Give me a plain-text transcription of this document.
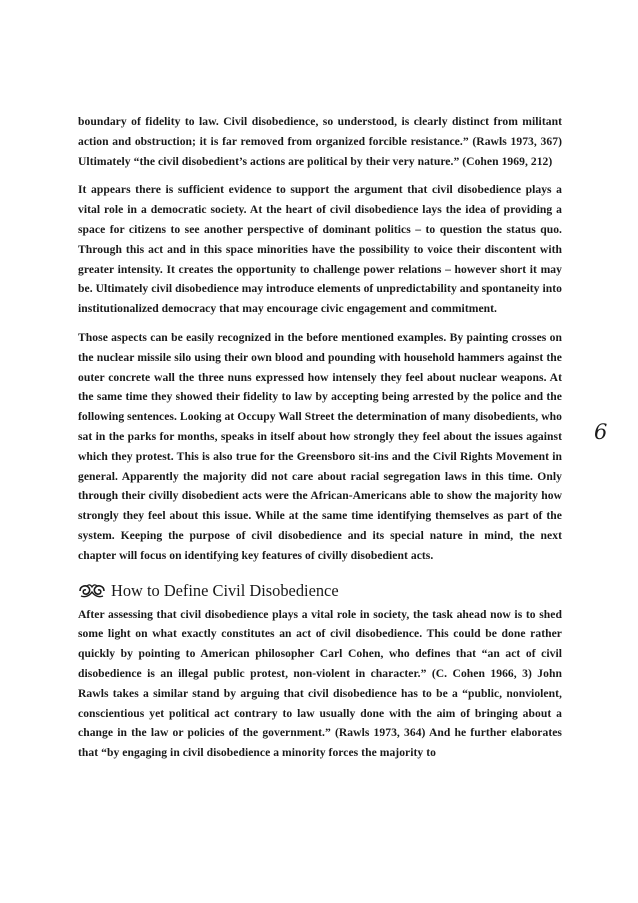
boundary of fidelity to law. Civil disobedience, so understood, is clearly distinct from militant action and obstruction; it is far removed from organized forcible resistance.” (Rawls 1973, 367) Ultimately “the civil disobedient’s actions are political by their very nature.” (Cohen 1969, 212)

It appears there is sufficient evidence to support the argument that civil disobedience plays a vital role in a democratic society. At the heart of civil disobedience lays the idea of providing a space for citizens to see another perspective of dominant politics – to question the status quo. Through this act and in this space minorities have the possibility to voice their discontent with greater intensity. It creates the opportunity to challenge power relations – however short it may be. Ultimately civil disobedience may introduce elements of unpredictability and spontaneity into institutionalized democracy that may encourage civic engagement and commitment.

Those aspects can be easily recognized in the before mentioned examples. By painting crosses on the nuclear missile silo using their own blood and pounding with household hammers against the outer concrete wall the three nuns expressed how intensely they feel about nuclear weapons. At the same time they showed their fidelity to law by accepting being arrested by the police and the following sentences. Looking at Occupy Wall Street the determination of many disobedients, who sat in the parks for months, speaks in itself about how strongly they feel about the issues against which they protest. This is also true for the Greensboro sit-ins and the Civil Rights Movement in general. Apparently the majority did not care about racial segregation laws in this time. Only through their civilly disobedient acts were the African-Americans able to show the majority how strongly they feel about this issue. While at the same time identifying themselves as part of the system. Keeping the purpose of civil disobedience and its special nature in mind, the next chapter will focus on identifying key features of civilly disobedient acts.

How to Define Civil Disobedience

After assessing that civil disobedience plays a vital role in society, the task ahead now is to shed some light on what exactly constitutes an act of civil disobedience. This could be done rather quickly by pointing to American philosopher Carl Cohen, who defines that “an act of civil disobedience is an illegal public protest, non-violent in character.” (C. Cohen 1966, 3) John Rawls takes a similar stand by arguing that civil disobedience has to be a “public, nonviolent, conscientious yet political act contrary to law usually done with the aim of bringing about a change in the law or policies of the government.” (Rawls 1973, 364) And he further elaborates that “by engaging in civil disobedience a minority forces the majority to

6
